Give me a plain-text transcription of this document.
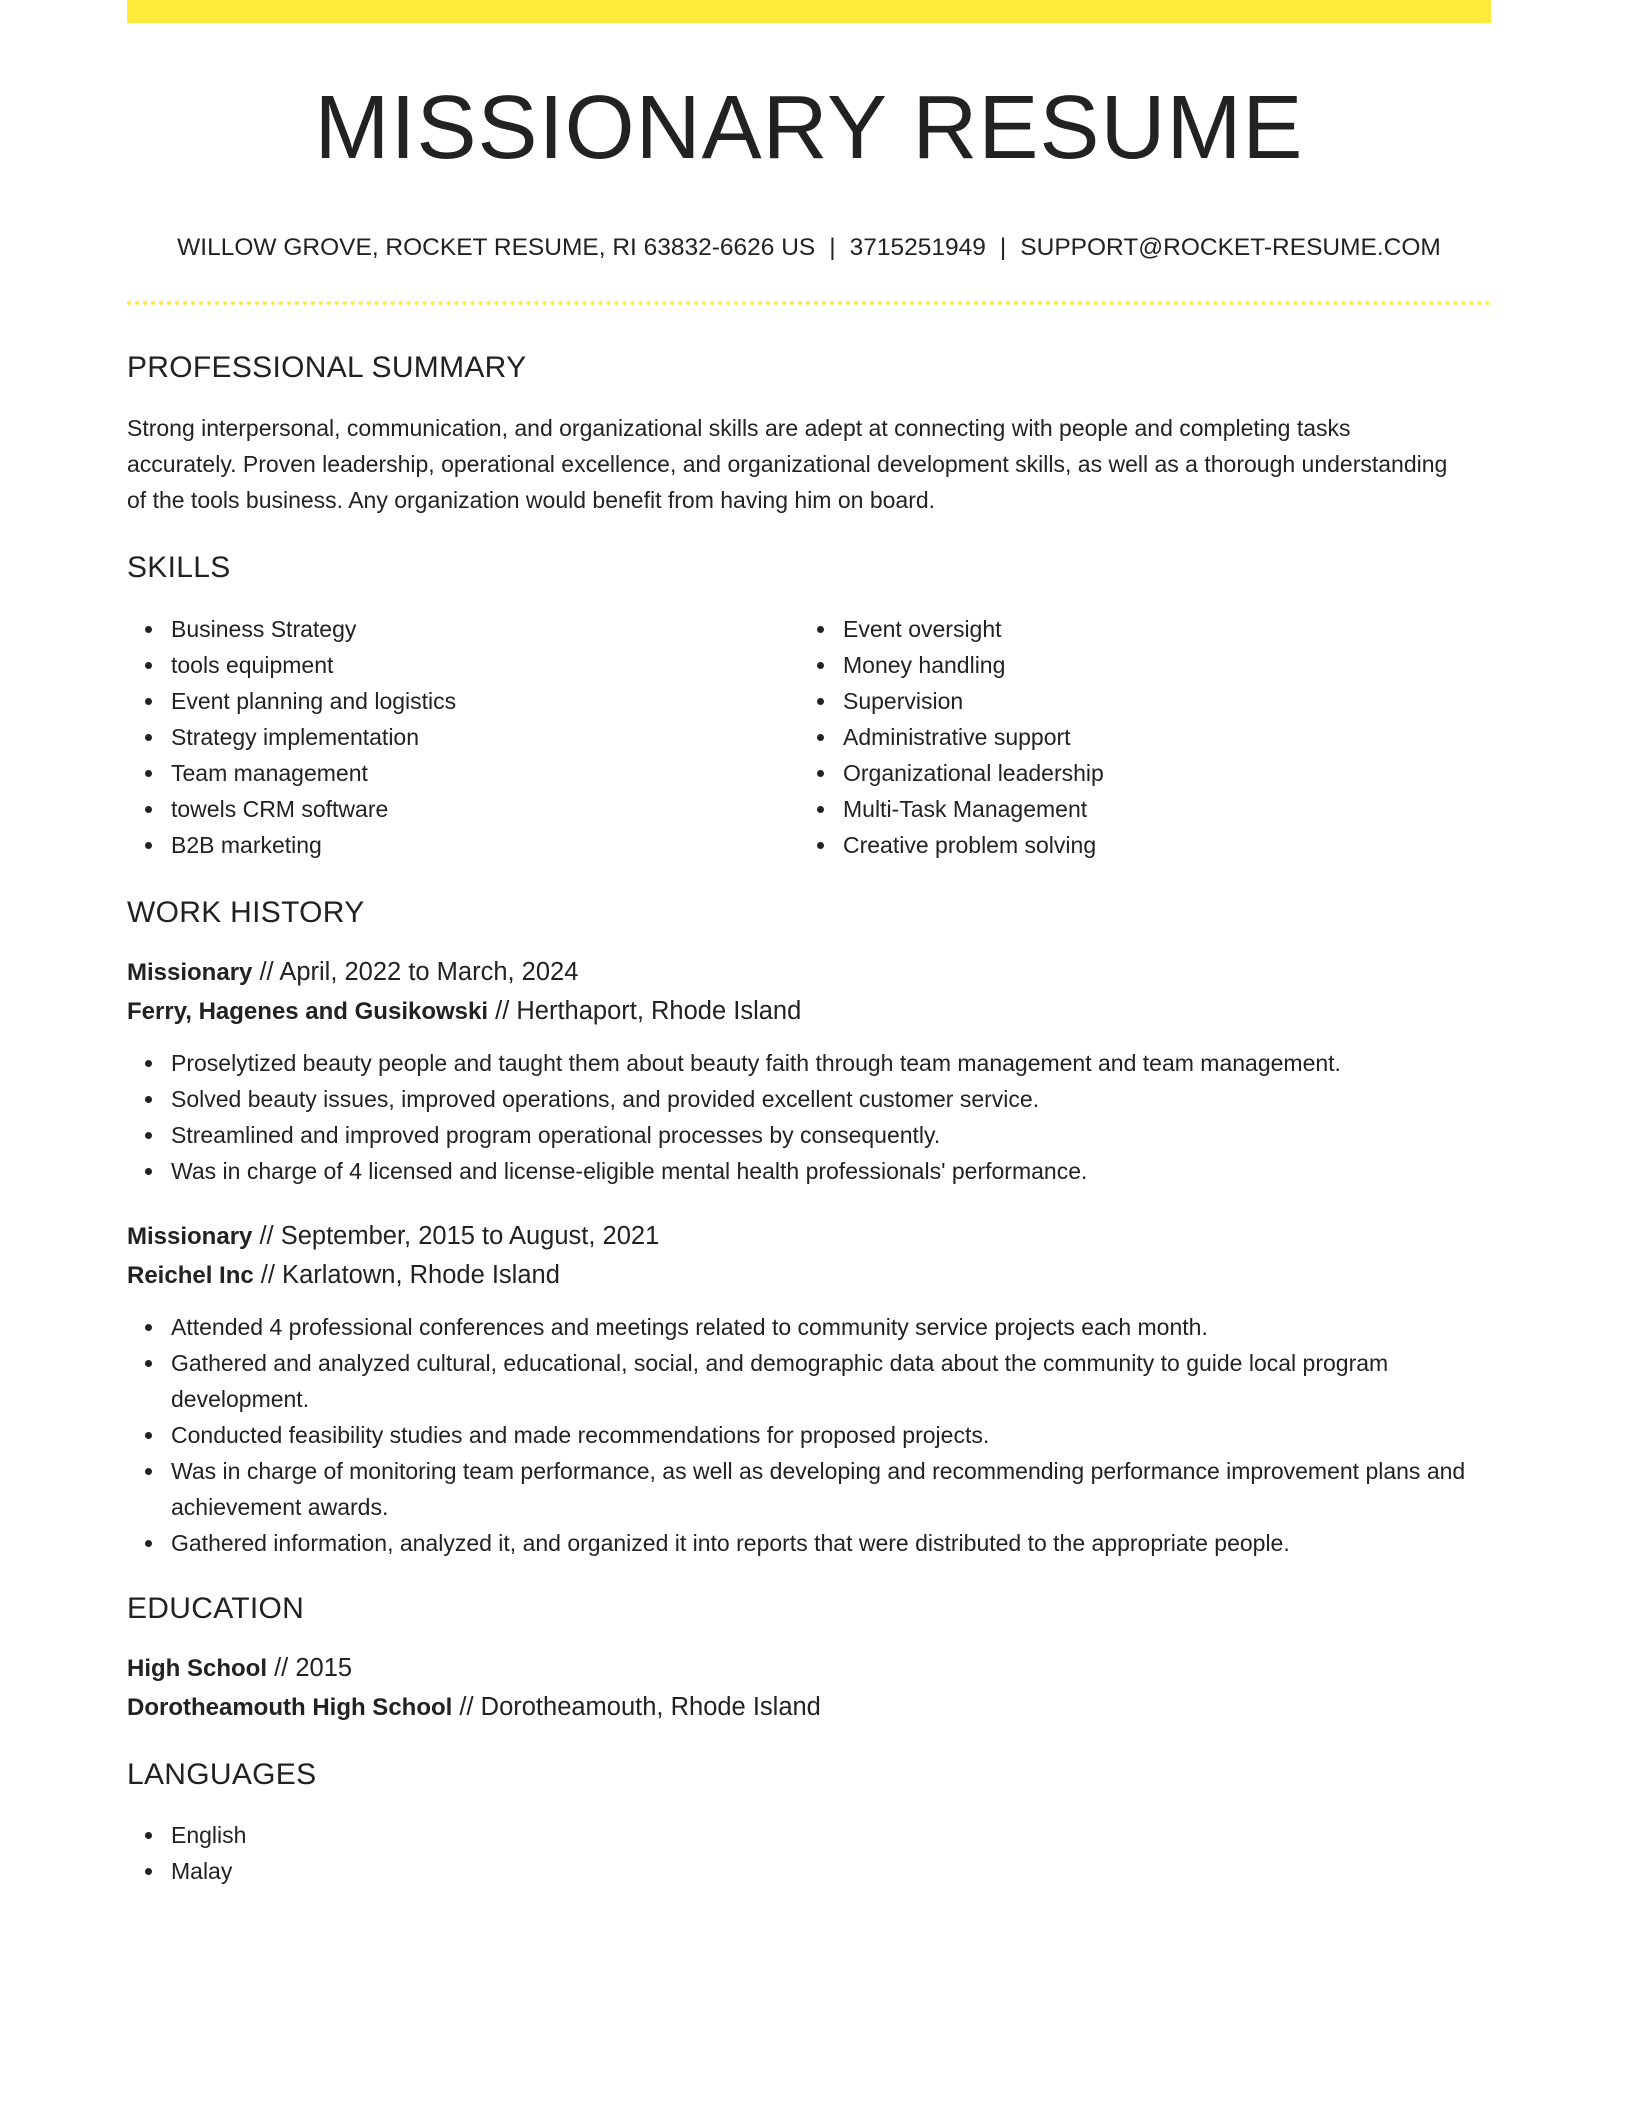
MISSIONARY RESUME
WILLOW GROVE, ROCKET RESUME, RI 63832-6626 US | 3715251949 | SUPPORT@ROCKET-RESUME.COM
PROFESSIONAL SUMMARY

Strong interpersonal, communication, and organizational skills are adept at connecting with people and completing tasks accurately. Proven leadership, operational excellence, and organizational development skills, as well as a thorough understanding of the tools business. Any organization would benefit from having him on board.

SKILLS
Business Strategy
tools equipment
Event planning and logistics
Strategy implementation
Team management
towels CRM software
B2B marketing
Event oversight
Money handling
Supervision
Administrative support
Organizational leadership
Multi-Task Management
Creative problem solving
WORK HISTORY
Missionary // April, 2022 to March, 2024
Ferry, Hagenes and Gusikowski // Herthaport, Rhode Island
Proselytized beauty people and taught them about beauty faith through team management and team management.
Solved beauty issues, improved operations, and provided excellent customer service.
Streamlined and improved program operational processes by consequently.
Was in charge of 4 licensed and license-eligible mental health professionals' performance.
Missionary // September, 2015 to August, 2021
Reichel Inc // Karlatown, Rhode Island
Attended 4 professional conferences and meetings related to community service projects each month.
Gathered and analyzed cultural, educational, social, and demographic data about the community to guide local program development.
Conducted feasibility studies and made recommendations for proposed projects.
Was in charge of monitoring team performance, as well as developing and recommending performance improvement plans and achievement awards.
Gathered information, analyzed it, and organized it into reports that were distributed to the appropriate people.
EDUCATION
High School // 2015
Dorotheamouth High School // Dorotheamouth, Rhode Island
LANGUAGES
English
Malay
